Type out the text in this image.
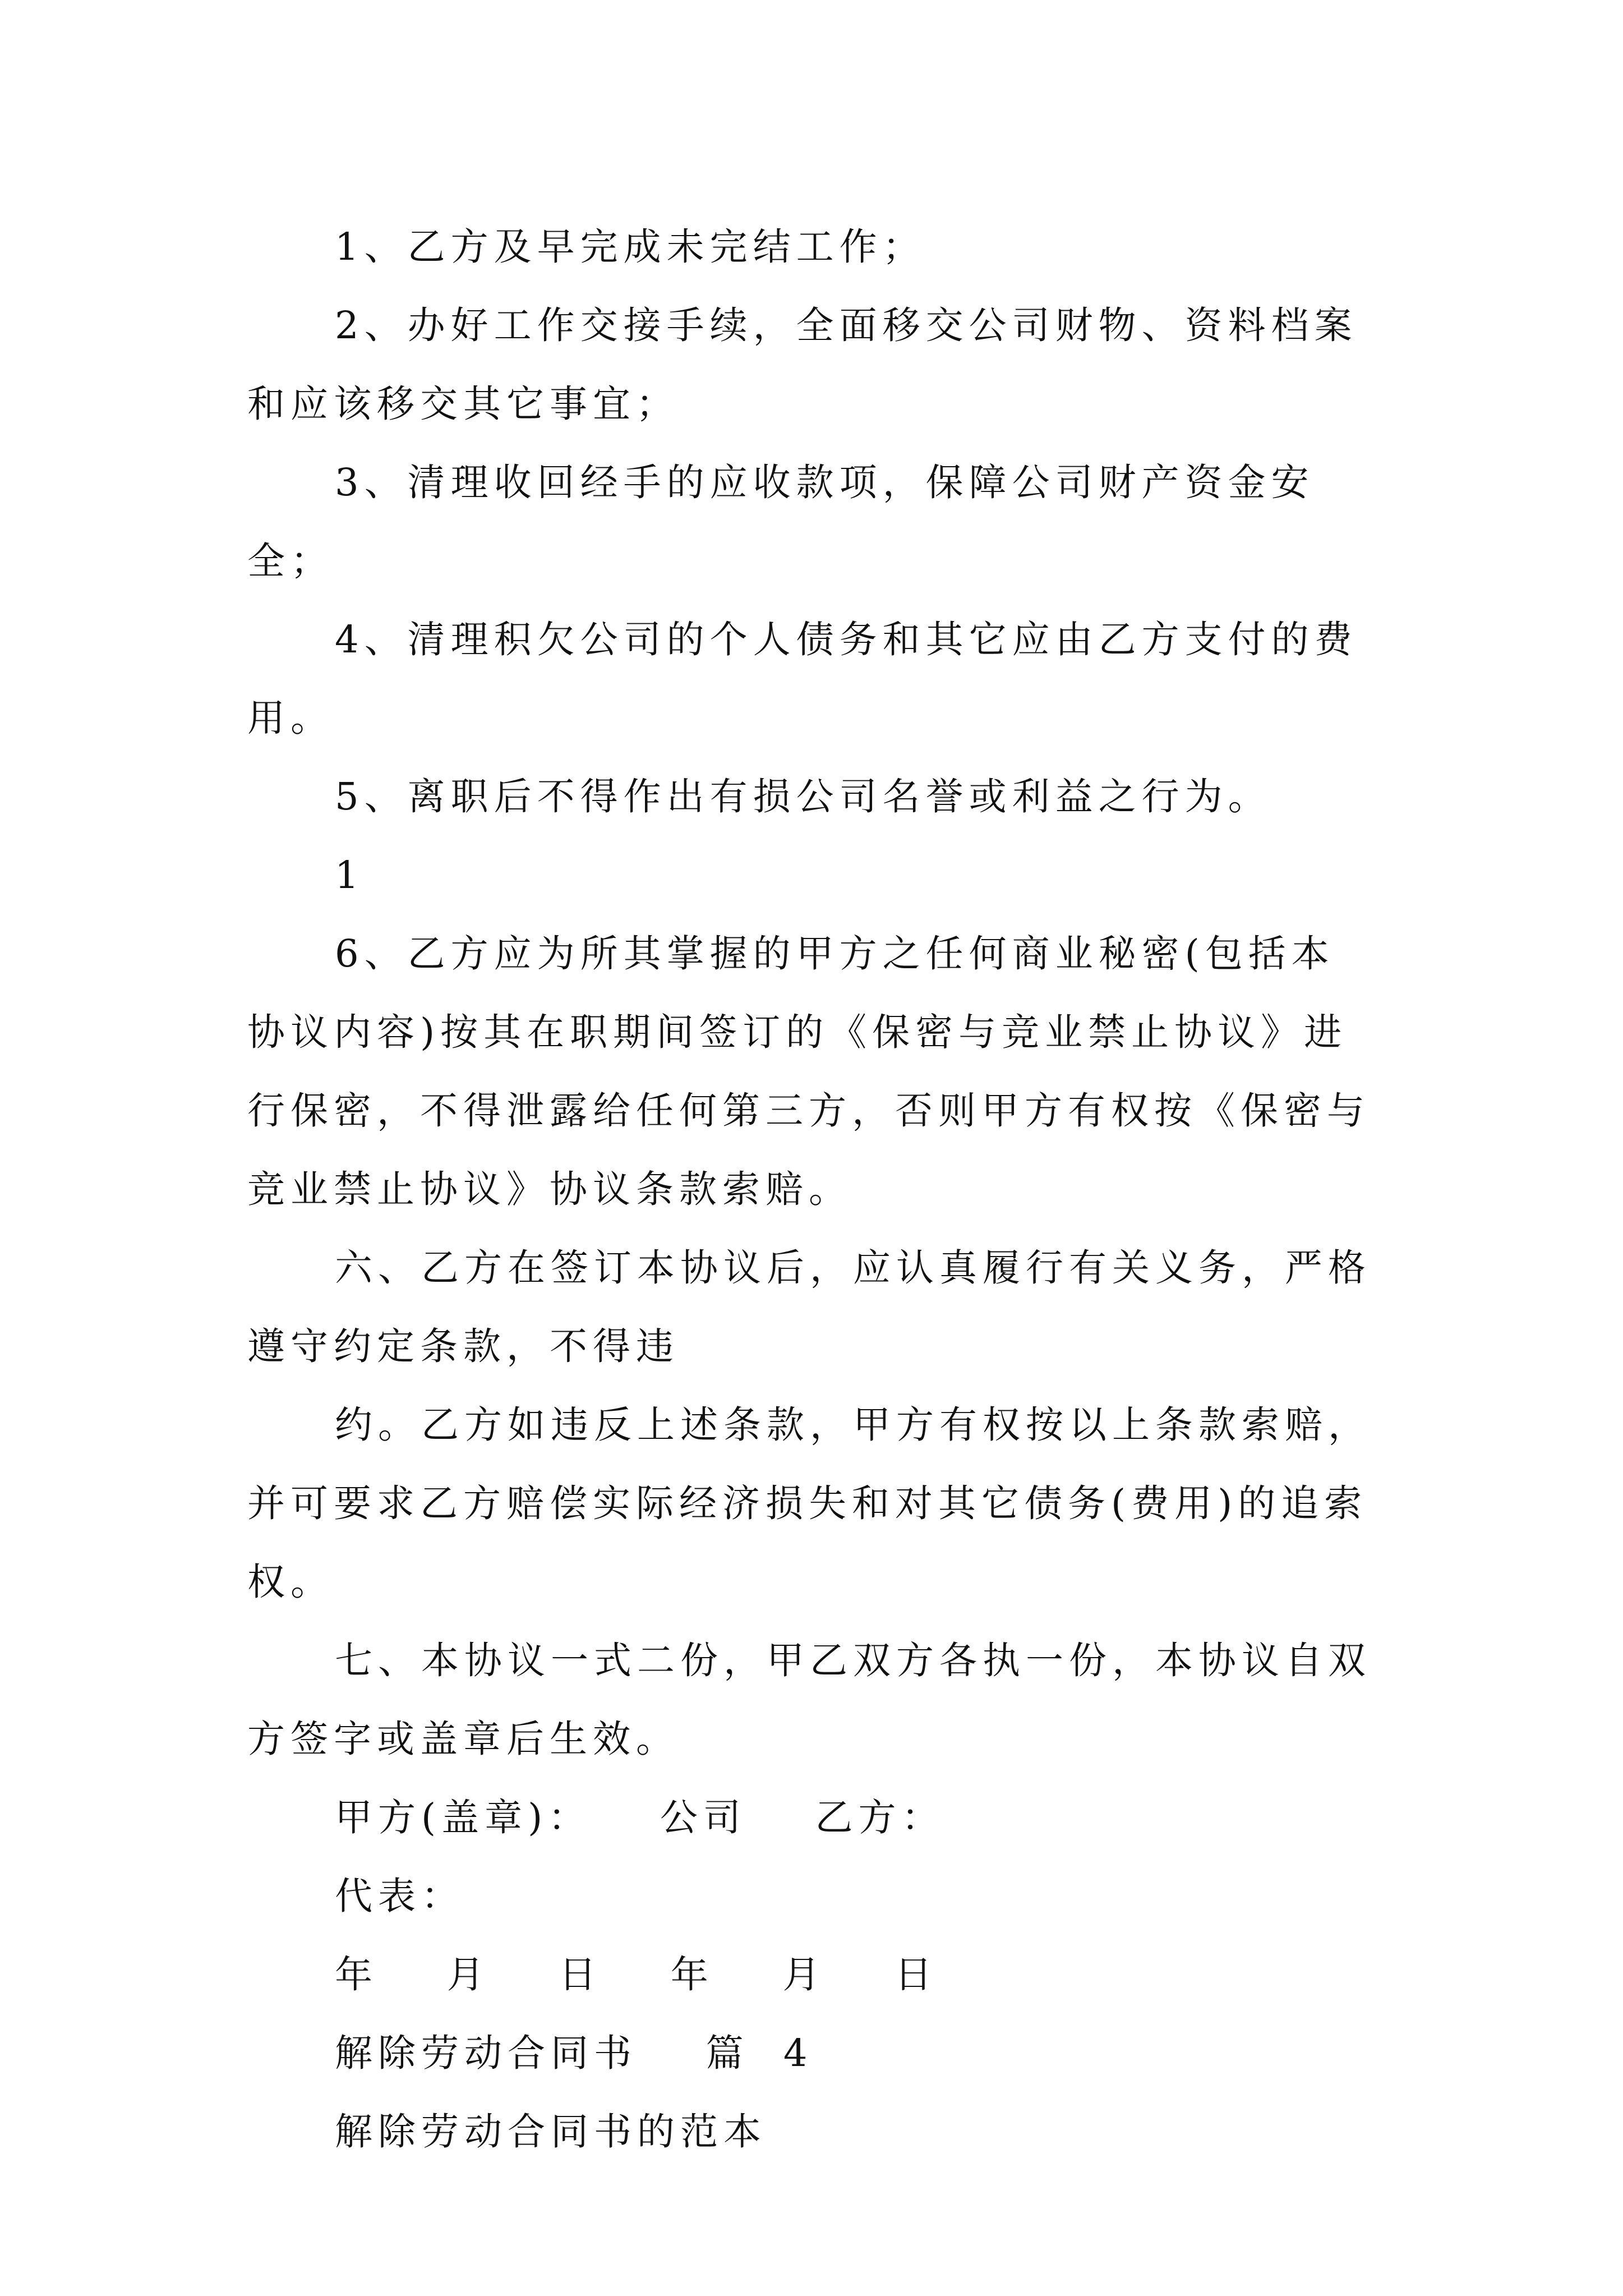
1、乙方及早完成未完结工作；

2、办好工作交接手续，全面移交公司财物、资料档案和应该移交其它事宜；

3、清理收回经手的应收款项，保障公司财产资金安全；

4、清理积欠公司的个人债务和其它应由乙方支付的费用。

5、离职后不得作出有损公司名誉或利益之行为。

1

6、乙方应为所其掌握的甲方之任何商业秘密(包括本协议内容)按其在职期间签订的《保密与竞业禁止协议》进行保密，不得泄露给任何第三方，否则甲方有权按《保密与竞业禁止协议》协议条款索赔。

六、乙方在签订本协议后，应认真履行有关义务，严格遵守约定条款，不得违

约。乙方如违反上述条款，甲方有权按以上条款索赔，并可要求乙方赔偿实际经济损失和对其它债务(费用)的追索权。

七、本协议一式二份，甲乙双方各执一份，本协议自双方签字或盖章后生效。

甲方(盖章)：  公司  乙方：

代表：

年  月  日  年  月  日

解除劳动合同书  篇 4

解除劳动合同书的范本
